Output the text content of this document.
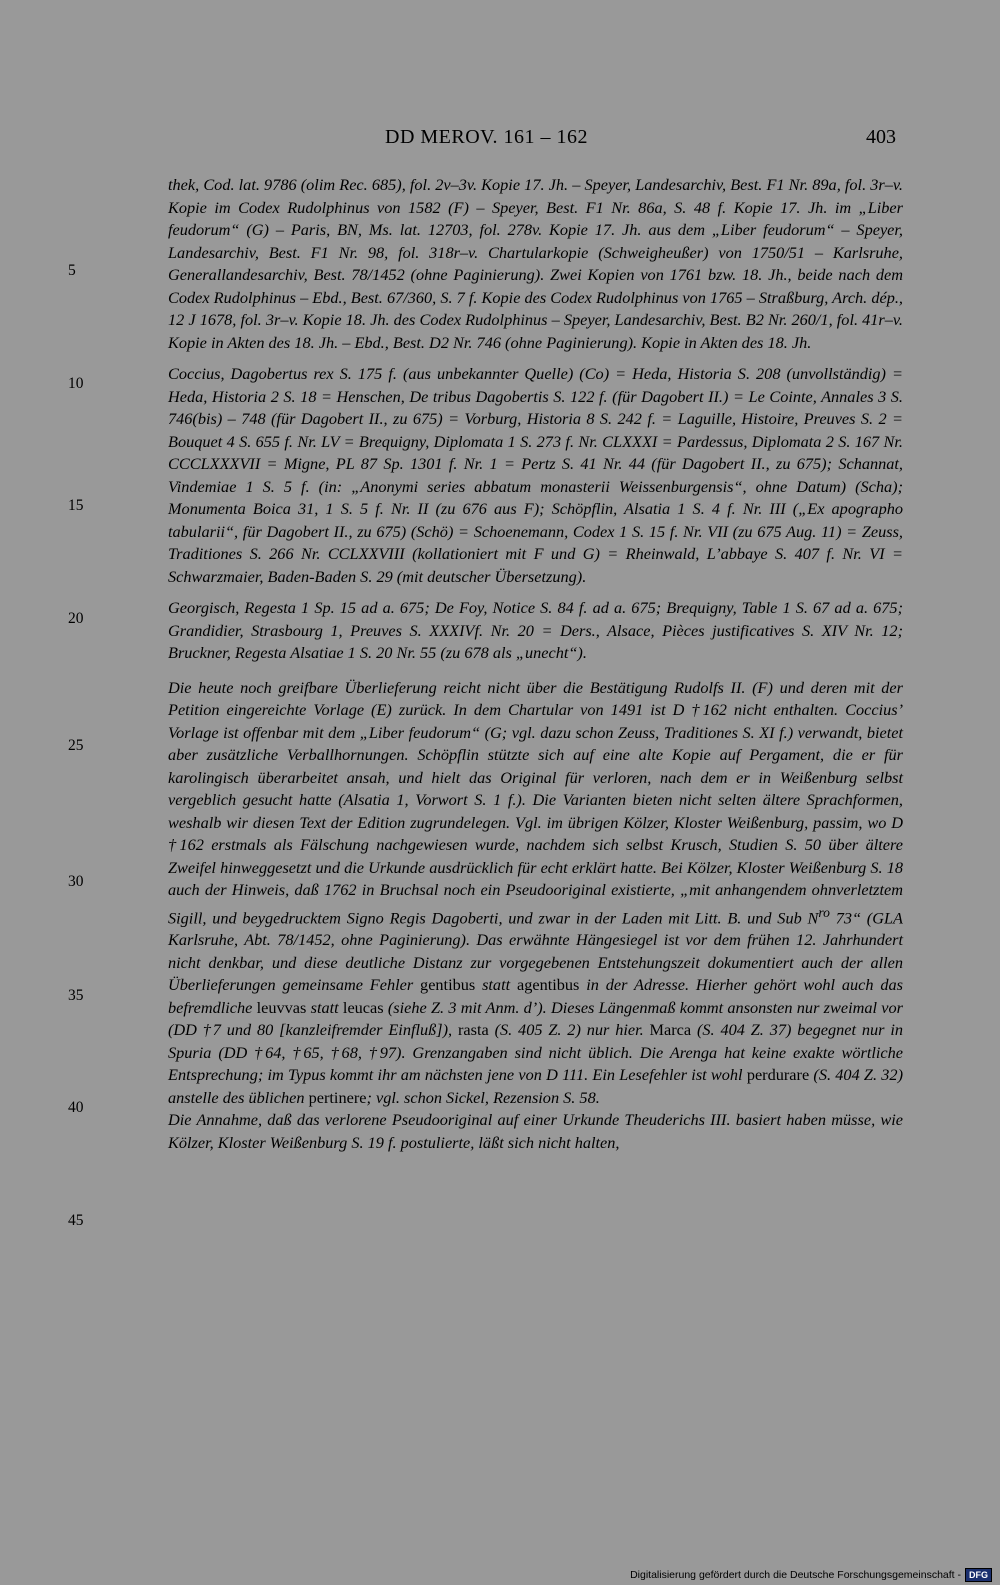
DD MEROV. 161 – 162	403
5
10
15
20
25
30
35
40
45

thek, Cod. lat. 9786 (olim Rec. 685), fol. 2v–3v. Kopie 17. Jh. – Speyer, Landesarchiv, Best. F1 Nr. 89a, fol. 3r–v. Kopie im Codex Rudolphinus von 1582 (F) – Speyer, Best. F1 Nr. 86a, S. 48 f. Kopie 17. Jh. im „Liber feudorum“ (G) – Paris, BN, Ms. lat. 12703, fol. 278v. Kopie 17. Jh. aus dem „Liber feudorum“ – Speyer, Landesarchiv, Best. F1 Nr. 98, fol. 318r–v. Chartularkopie (Schweigheußer) von 1750/51 – Karlsruhe, Generallandesarchiv, Best. 78/1452 (ohne Paginierung). Zwei Kopien von 1761 bzw. 18. Jh., beide nach dem Codex Rudolphinus – Ebd., Best. 67/360, S. 7 f. Kopie des Codex Rudolphinus von 1765 – Straßburg, Arch. dép., 12 J 1678, fol. 3r–v. Kopie 18. Jh. des Codex Rudolphinus – Speyer, Landesarchiv, Best. B2 Nr. 260/1, fol. 41r–v. Kopie in Akten des 18. Jh. – Ebd., Best. D2 Nr. 746 (ohne Paginierung). Kopie in Akten des 18. Jh.

Coccius, Dagobertus rex S. 175 f. (aus unbekannter Quelle) (Co) = Heda, Historia S. 208 (unvollständig) = Heda, Historia 2 S. 18 = Henschen, De tribus Dagobertis S. 122 f. (für Dagobert II.) = Le Cointe, Annales 3 S. 746(bis) – 748 (für Dagobert II., zu 675) = Vorburg, Historia 8 S. 242 f. = Laguille, Histoire, Preuves S. 2 = Bouquet 4 S. 655 f. Nr. LV = Brequigny, Diplomata 1 S. 273 f. Nr. CLXXXI = Pardessus, Diplomata 2 S. 167 Nr. CCCLXXXVII = Migne, PL 87 Sp. 1301 f. Nr. 1 = Pertz S. 41 Nr. 44 (für Dagobert II., zu 675); Schannat, Vindemiae 1 S. 5 f. (in: „Anonymi series abbatum monasterii Weissenburgensis“, ohne Datum) (Scha); Monumenta Boica 31, 1 S. 5 f. Nr. II (zu 676 aus F); Schöpflin, Alsatia 1 S. 4 f. Nr. III („Ex apographo tabularii“, für Dagobert II., zu 675) (Schö) = Schoenemann, Codex 1 S. 15 f. Nr. VII (zu 675 Aug. 11) = Zeuss, Traditiones S. 266 Nr. CCLXXVIII (kollationiert mit F und G) = Rheinwald, L’abbaye S. 407 f. Nr. VI = Schwarzmaier, Baden-Baden S. 29 (mit deutscher Übersetzung).

Georgisch, Regesta 1 Sp. 15 ad a. 675; De Foy, Notice S. 84 f. ad a. 675; Brequigny, Table 1 S. 67 ad a. 675; Grandidier, Strasbourg 1, Preuves S. XXXIVf. Nr. 20 = Ders., Alsace, Pièces justificatives S. XIV Nr. 12; Bruckner, Regesta Alsatiae 1 S. 20 Nr. 55 (zu 678 als „unecht“).

Die heute noch greifbare Überlieferung reicht nicht über die Bestätigung Rudolfs II. (F) und deren mit der Petition eingereichte Vorlage (E) zurück. In dem Chartular von 1491 ist D †162 nicht enthalten. Coccius’ Vorlage ist offenbar mit dem „Liber feudorum“ (G; vgl. dazu schon Zeuss, Traditiones S. XI f.) verwandt, bietet aber zusätzliche Verballhornungen. Schöpflin stützte sich auf eine alte Kopie auf Pergament, die er für karolingisch überarbeitet ansah, und hielt das Original für verloren, nach dem er in Weißenburg selbst vergeblich gesucht hatte (Alsatia 1, Vorwort S. 1 f.). Die Varianten bieten nicht selten ältere Sprachformen, weshalb wir diesen Text der Edition zugrundelegen. Vgl. im übrigen Kölzer, Kloster Weißenburg, passim, wo D †162 erstmals als Fälschung nachgewiesen wurde, nachdem sich selbst Krusch, Studien S. 50 über ältere Zweifel hinweggesetzt und die Urkunde ausdrücklich für echt erklärt hatte. Bei Kölzer, Kloster Weißenburg S. 18 auch der Hinweis, daß 1762 in Bruchsal noch ein Pseudooriginal existierte, „mit anhangendem ohnverletztem Sigill, und beygedrucktem Signo Regis Dagoberti, und zwar in der Laden mit Litt. B. und Sub $N^{ro}$ 73“ (GLA Karlsruhe, Abt. 78/1452, ohne Paginierung). Das erwähnte Hängesiegel ist vor dem frühen 12. Jahrhundert nicht denkbar, und diese deutliche Distanz zur vorgegebenen Entstehungszeit dokumentiert auch der allen Überlieferungen gemeinsame Fehler gentibus statt agentibus in der Adresse. Hierher gehört wohl auch das befremdliche leuvvas statt leucas (siehe Z. 3 mit Anm. d’). Dieses Längenmaß kommt ansonsten nur zweimal vor (DD †7 und 80 [kanzleifremder Einfluß]), rasta (S. 405 Z. 2) nur hier. Marca (S. 404 Z. 37) begegnet nur in Spuria (DD †64, †65, †68, †97). Grenzangaben sind nicht üblich. Die Arenga hat keine exakte wörtliche Entsprechung; im Typus kommt ihr am nächsten jene von D 111. Ein Lesefehler ist wohl perdurare (S. 404 Z. 32) anstelle des üblichen pertinere; vgl. schon Sickel, Rezension S. 58.

Die Annahme, daß das verlorene Pseudooriginal auf einer Urkunde Theuderichs III. basiert haben müsse, wie Kölzer, Kloster Weißenburg S. 19 f. postulierte, läßt sich nicht halten,

Digitalisierung gefördert durch die Deutsche Forschungsgemeinschaft - DFG
